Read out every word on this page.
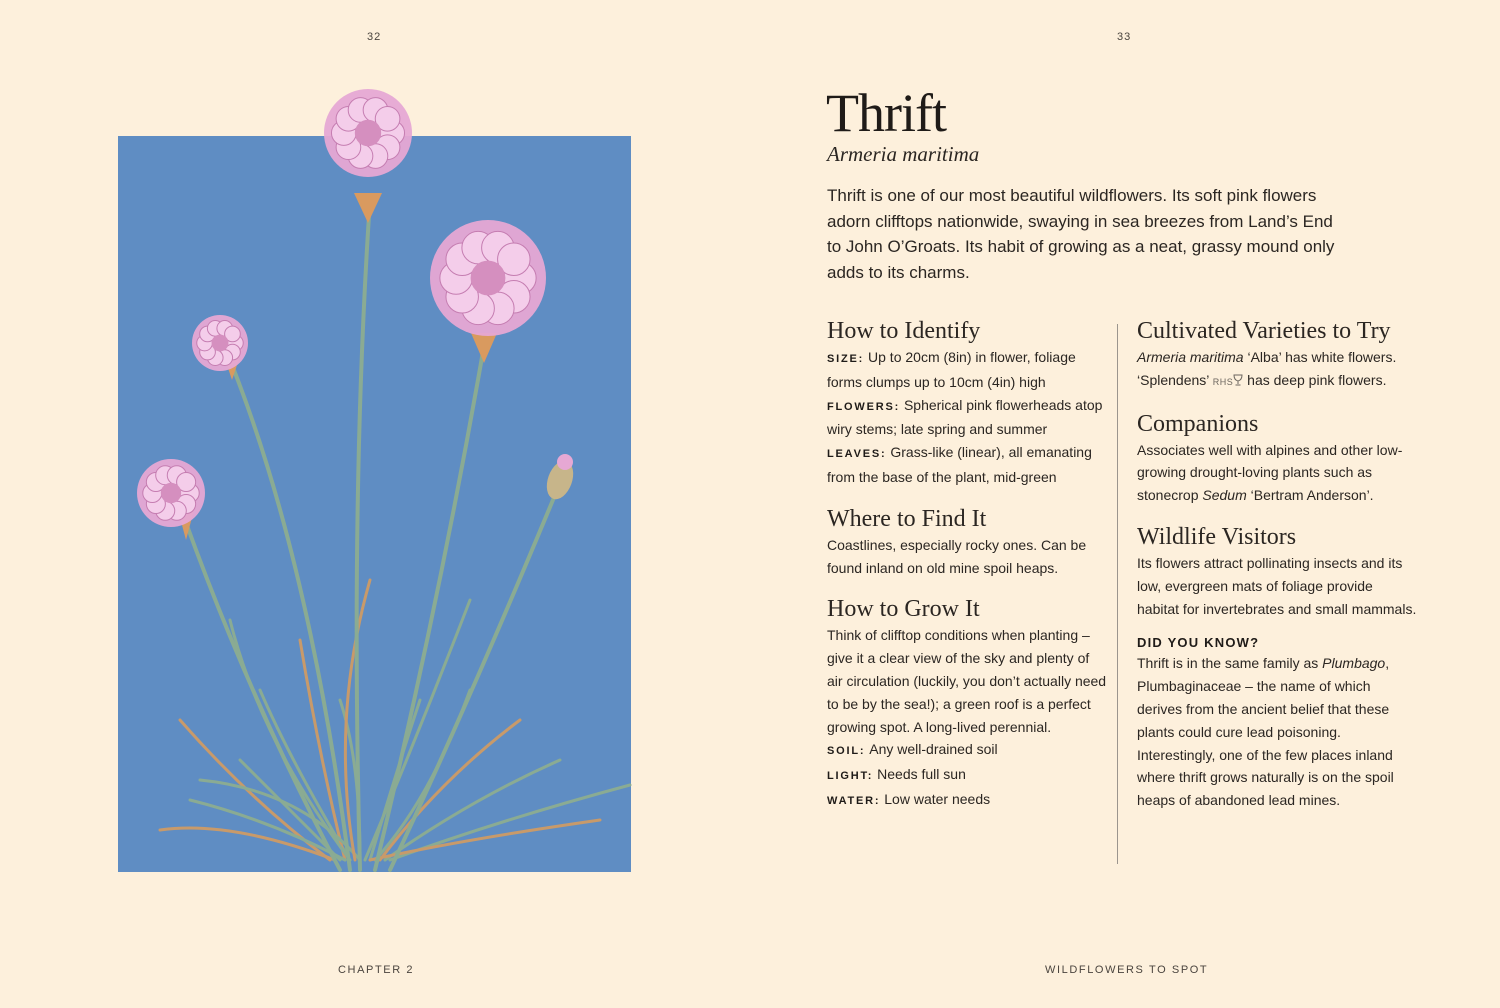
32	33
Thrift
Armeria maritima

Thrift is one of our most beautiful wildflowers. Its soft pink flowers adorn clifftops nationwide, swaying in sea breezes from Land’s End to John O’Groats. Its habit of growing as a neat, grassy mound only adds to its charms.

How to Identify

SIZE: Up to 20cm (8in) in flower, foliage forms clumps up to 10cm (4in) high

FLOWERS: Spherical pink flowerheads atop wiry stems; late spring and summer

LEAVES: Grass-like (linear), all emanating from the base of the plant, mid-green

Where to Find It

Coastlines, especially rocky ones. Can be found inland on old mine spoil heaps.

How to Grow It

Think of clifftop conditions when planting – give it a clear view of the sky and plenty of air circulation (luckily, you don’t actually need to be by the sea!); a green roof is a perfect growing spot. A long-lived perennial.

SOIL: Any well-drained soil

LIGHT: Needs full sun

WATER: Low water needs

Cultivated Varieties to Try

Armeria maritima ‘Alba’ has white flowers.

‘Splendens’ RHS has deep pink flowers.

Companions

Associates well with alpines and other low-growing drought-loving plants such as stonecrop Sedum ‘Bertram Anderson’.

Wildlife Visitors

Its flowers attract pollinating insects and its low, evergreen mats of foliage provide habitat for invertebrates and small mammals.

DID YOU KNOW?

Thrift is in the same family as Plumbago, Plumbaginaceae – the name of which derives from the ancient belief that these plants could cure lead poisoning. Interestingly, one of the few places inland where thrift grows naturally is on the spoil heaps of abandoned lead mines.

CHAPTER 2	WILDFLOWERS TO SPOT
